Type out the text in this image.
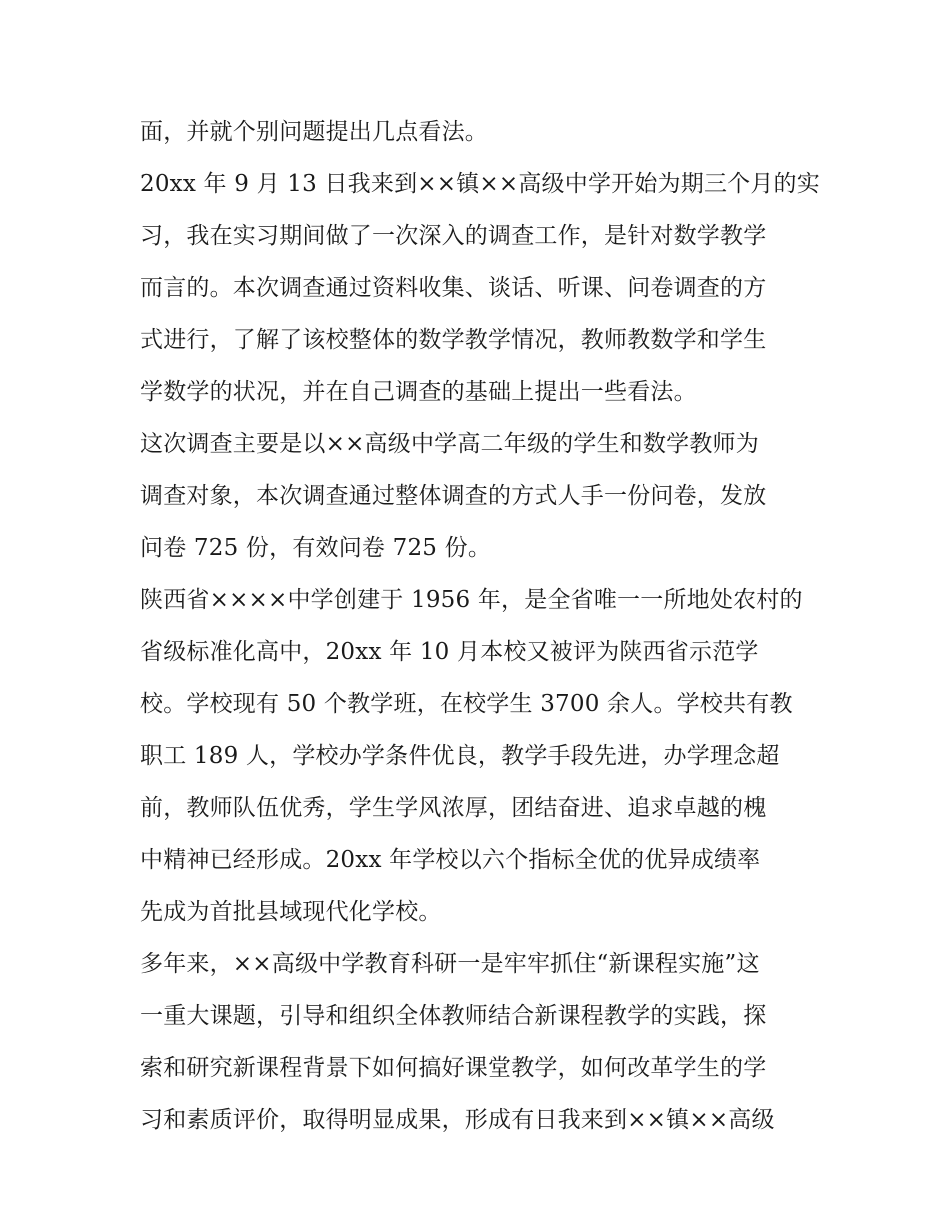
面，并就个别问题提出几点看法。
20xx 年 9 月 13 日我来到××镇××高级中学开始为期三个月的实
习，我在实习期间做了一次深入的调查工作，是针对数学教学
而言的。本次调查通过资料收集、谈话、听课、问卷调查的方
式进行，了解了该校整体的数学教学情况，教师教数学和学生
学数学的状况，并在自己调查的基础上提出一些看法。
这次调查主要是以××高级中学高二年级的学生和数学教师为
调查对象，本次调查通过整体调查的方式人手一份问卷，发放
问卷 725 份，有效问卷 725 份。
陕西省××××中学创建于 1956 年，是全省唯一一所地处农村的
省级标准化高中，20xx 年 10 月本校又被评为陕西省示范学
校。学校现有 50 个教学班，在校学生 3700 余人。学校共有教
职工 189 人，学校办学条件优良，教学手段先进，办学理念超
前，教师队伍优秀，学生学风浓厚，团结奋进、追求卓越的槐
中精神已经形成。20xx 年学校以六个指标全优的优异成绩率
先成为首批县域现代化学校。
多年来，××高级中学教育科研一是牢牢抓住“新课程实施”这
一重大课题，引导和组织全体教师结合新课程教学的实践，探
索和研究新课程背景下如何搞好课堂教学，如何改革学生的学
习和素质评价，取得明显成果，形成有日我来到××镇××高级
